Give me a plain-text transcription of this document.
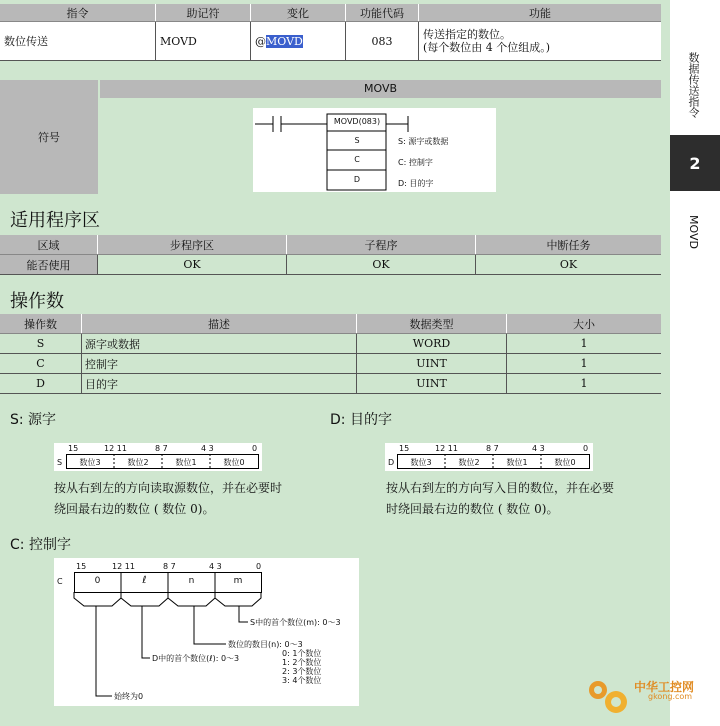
数据传送指令
2
MOVD
指令	助记符	变化	功能代码	功能
数位传送	MOVD	@MOVD	083	传送指定的数位。
(每个数位由 4 个位组成。)
符号
MOVB
MOVD(083)
S
C
D
S: 源字或数据
C: 控制字
D: 目的字
适用程序区
区域	步程序区	子程序	中断任务
能否使用	OK	OK	OK
操作数
操作数	描述	数据类型	大小
S	源字或数据	WORD	1
C	控制字	UINT	1
D	目的字	UINT	1
S: 源字
15	12 11	8 7	4 3	0
S	数位3	数位2	数位1	数位0
按从右到左的方向读取源数位，并在必要时
绕回最右边的数位 ( 数位 0)。
D: 目的字
15	12 11	8 7	4 3	0
D	数位3	数位2	数位1	数位0
按从右到左的方向写入目的数位，并在必要
时绕回最右边的数位 ( 数位 0)。
C: 控制字
15	12 11	8 7	4 3	0
C	0	ℓ	n	m
S中的首个数位(m): 0～3
数位的数目(n): 0～3
0: 1个数位
1: 2个数位
2: 3个数位
3: 4个数位
D中的首个数位(ℓ): 0～3
始终为0
中华工控网
gkong.com
